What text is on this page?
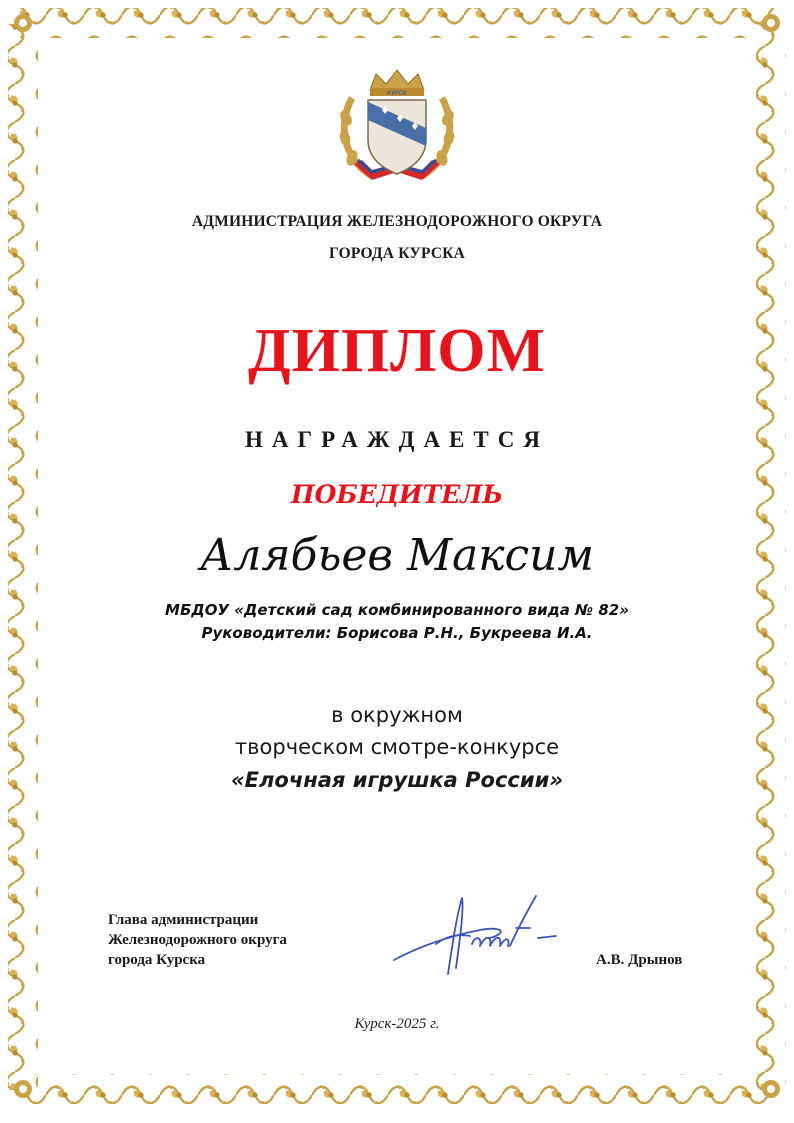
КУРСК
АДМИНИСТРАЦИЯ ЖЕЛЕЗНОДОРОЖНОГО ОКРУГА
ГОРОДА КУРСКА
ДИПЛОМ
НАГРАЖДАЕТСЯ
ПОБЕДИТЕЛЬ
Алябьев Максим
МБДОУ «Детский сад комбинированного вида № 82»
Руководители: Борисова Р.Н., Букреева И.А.
в окружном
творческом смотре-конкурсе
«Елочная игрушка России»
Глава администрации
Железнодорожного округа
города Курска	А.В. Дрынов
Курск-2025 г.
